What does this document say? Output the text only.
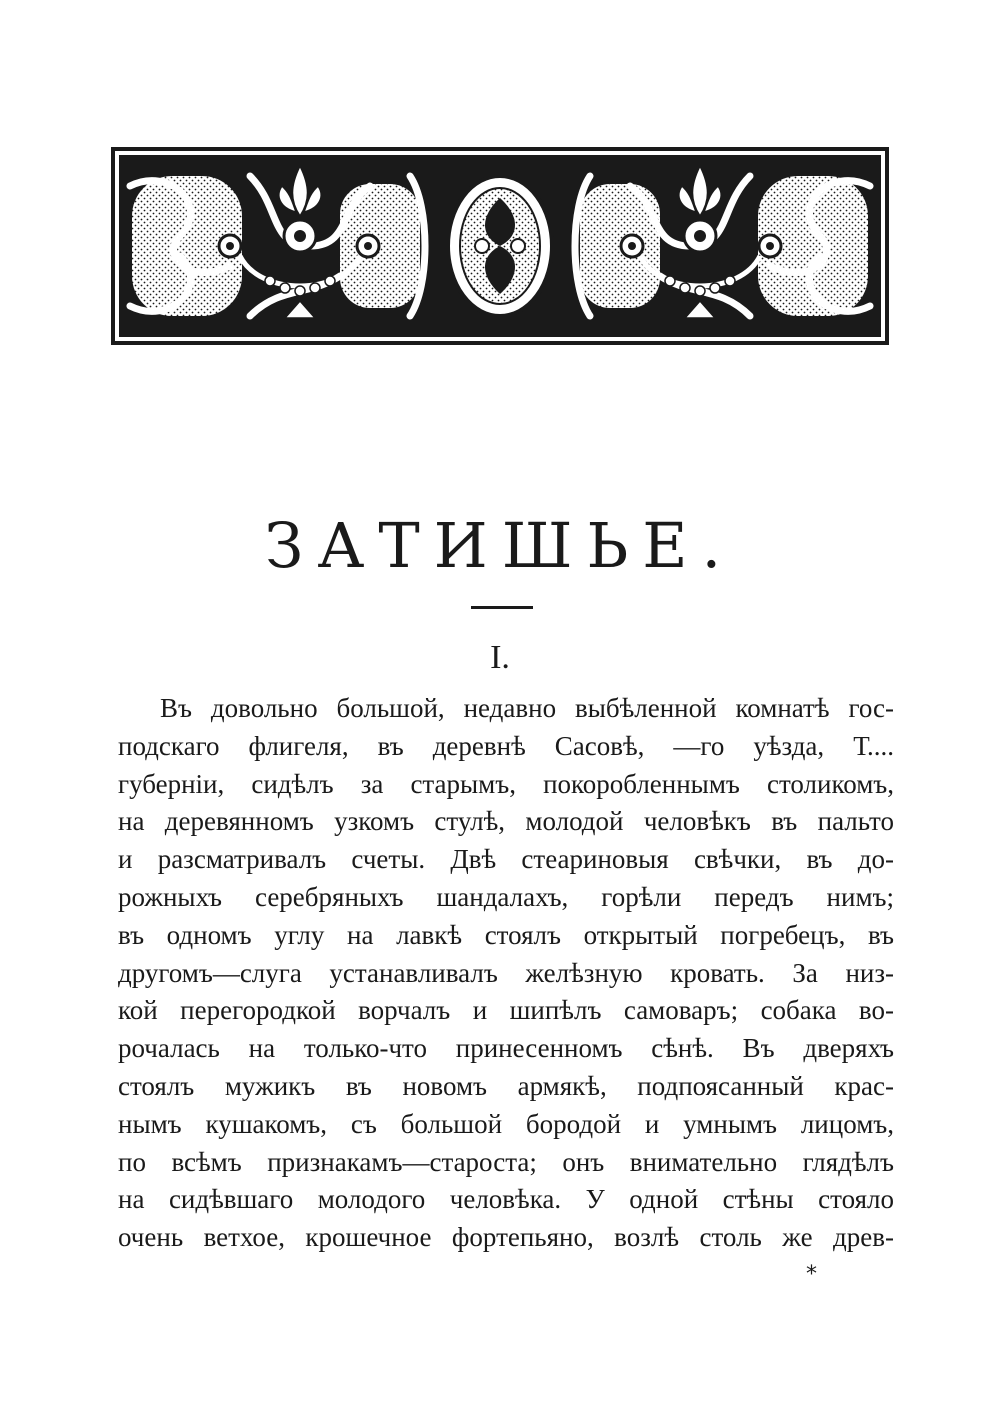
ЗАТИШЬЕ.
I.
Въ довольно большой, недавно выбѣленной комнатѣ гос-
подскаго флигеля, въ деревнѣ Сасовѣ, —го уѣзда, Т....
губерніи, сидѣлъ за старымъ, покоробленнымъ столикомъ,
на деревянномъ узкомъ стулѣ, молодой человѣкъ въ пальто
и разсматривалъ счеты. Двѣ стеариновыя свѣчки, въ до-
рожныхъ серебряныхъ шандалахъ, горѣли передъ нимъ;
въ одномъ углу на лавкѣ стоялъ открытый погребецъ, въ
другомъ—слуга устанавливалъ желѣзную кровать. За низ-
кой перегородкой ворчалъ и шипѣлъ самоваръ; собака во-
рочалась на только-что принесенномъ сѣнѣ. Въ дверяхъ
стоялъ мужикъ въ новомъ армякѣ, подпоясанный крас-
нымъ кушакомъ, съ большой бородой и умнымъ лицомъ,
по всѣмъ признакамъ—староста; онъ внимательно глядѣлъ
на сидѣвшаго молодого человѣка. У одной стѣны стояло
очень ветхое, крошечное фортепьяно, возлѣ столь же древ-
*
